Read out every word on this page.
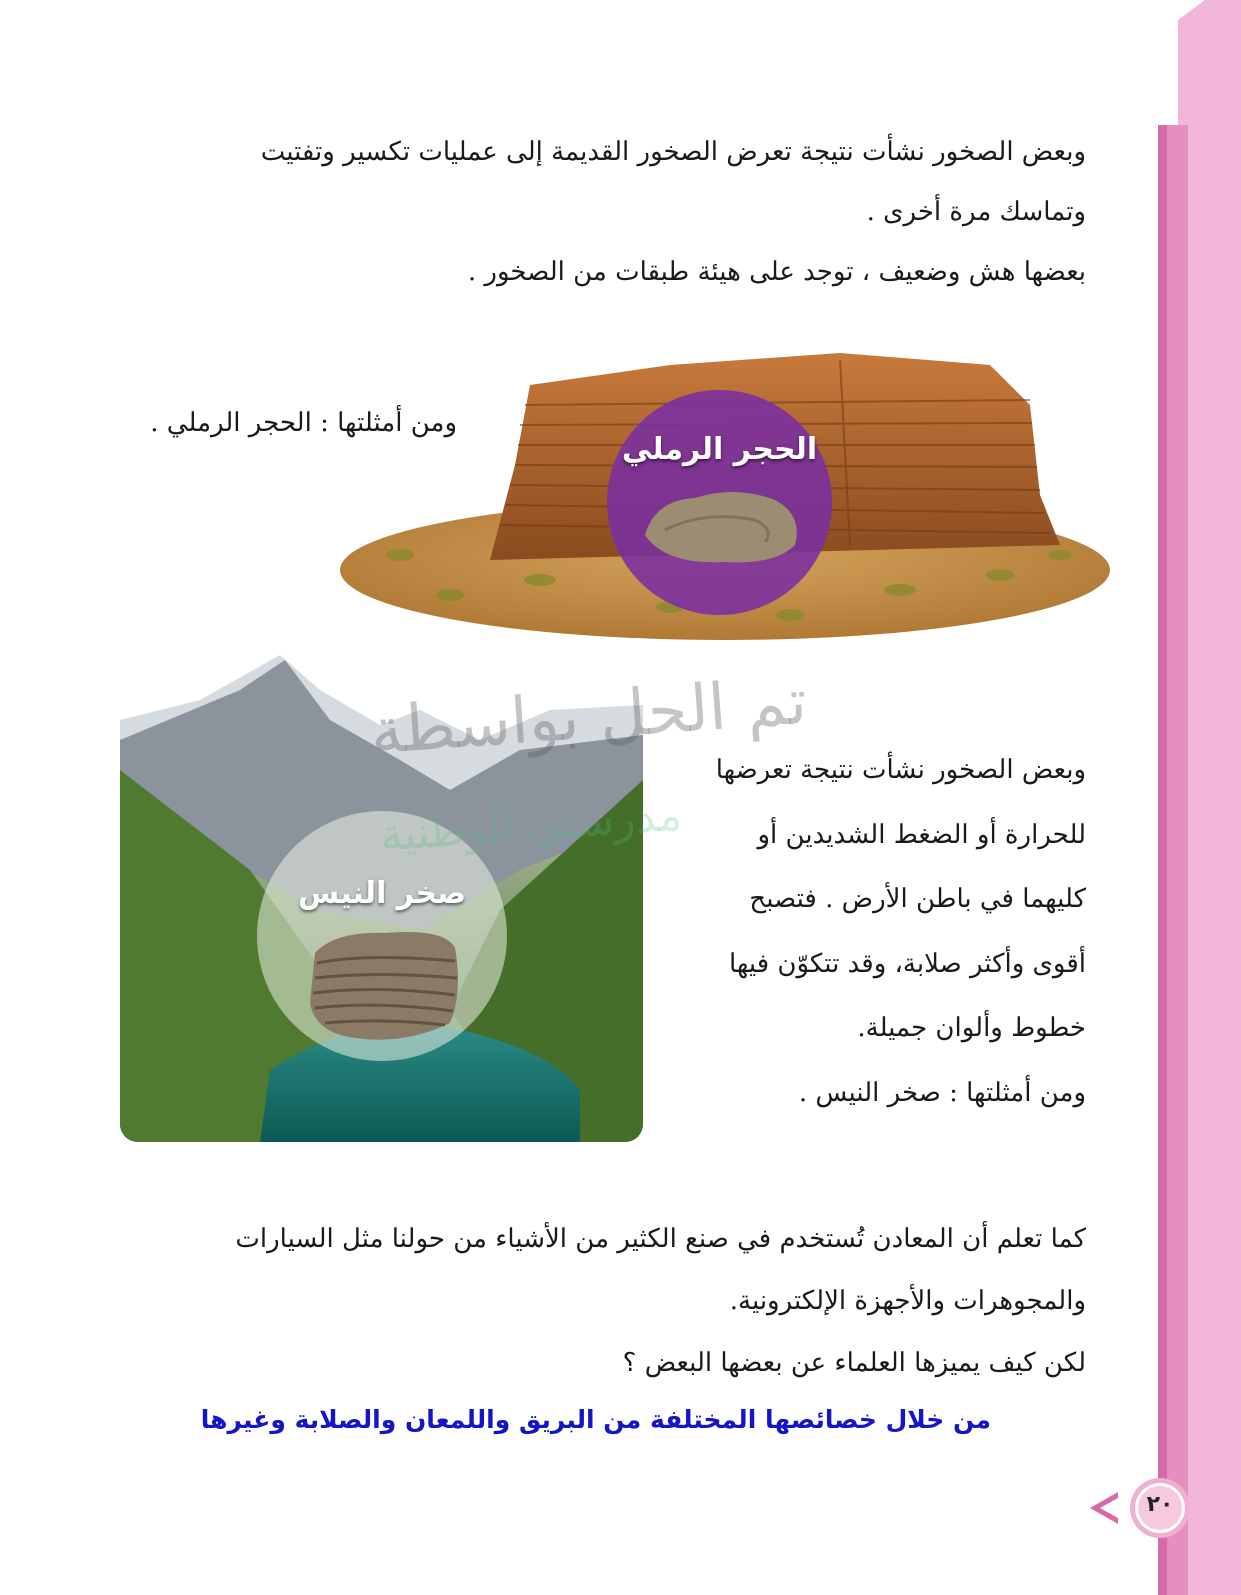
وبعض الصخور نشأت نتيجة تعرض الصخور القديمة إلى عمليات تكسير وتفتيت
وتماسك مرة أخرى .
بعضها هش وضعيف ، توجد على هيئة طبقات من الصخور .
ومن أمثلتها : الحجر الرملي .
الحجر الرملي
صخر النيس
وبعض الصخور نشأت نتيجة تعرضها
للحرارة أو الضغط الشديدين أو
كليهما في باطن الأرض . فتصبح
أقوى وأكثر صلابة، وقد تتكوّن فيها
خطوط وألوان جميلة.
ومن أمثلتها : صخر النيس .
تم الحل بواسطة
مدرستي الوطنية
كما تعلم أن المعادن تُستخدم في صنع الكثير من الأشياء من حولنا مثل السيارات
والمجوهرات والأجهزة الإلكترونية.
لكن كيف يميزها العلماء عن بعضها البعض ؟
من خلال خصائصها المختلفة من البريق واللمعان والصلابة وغيرها
٢٠
